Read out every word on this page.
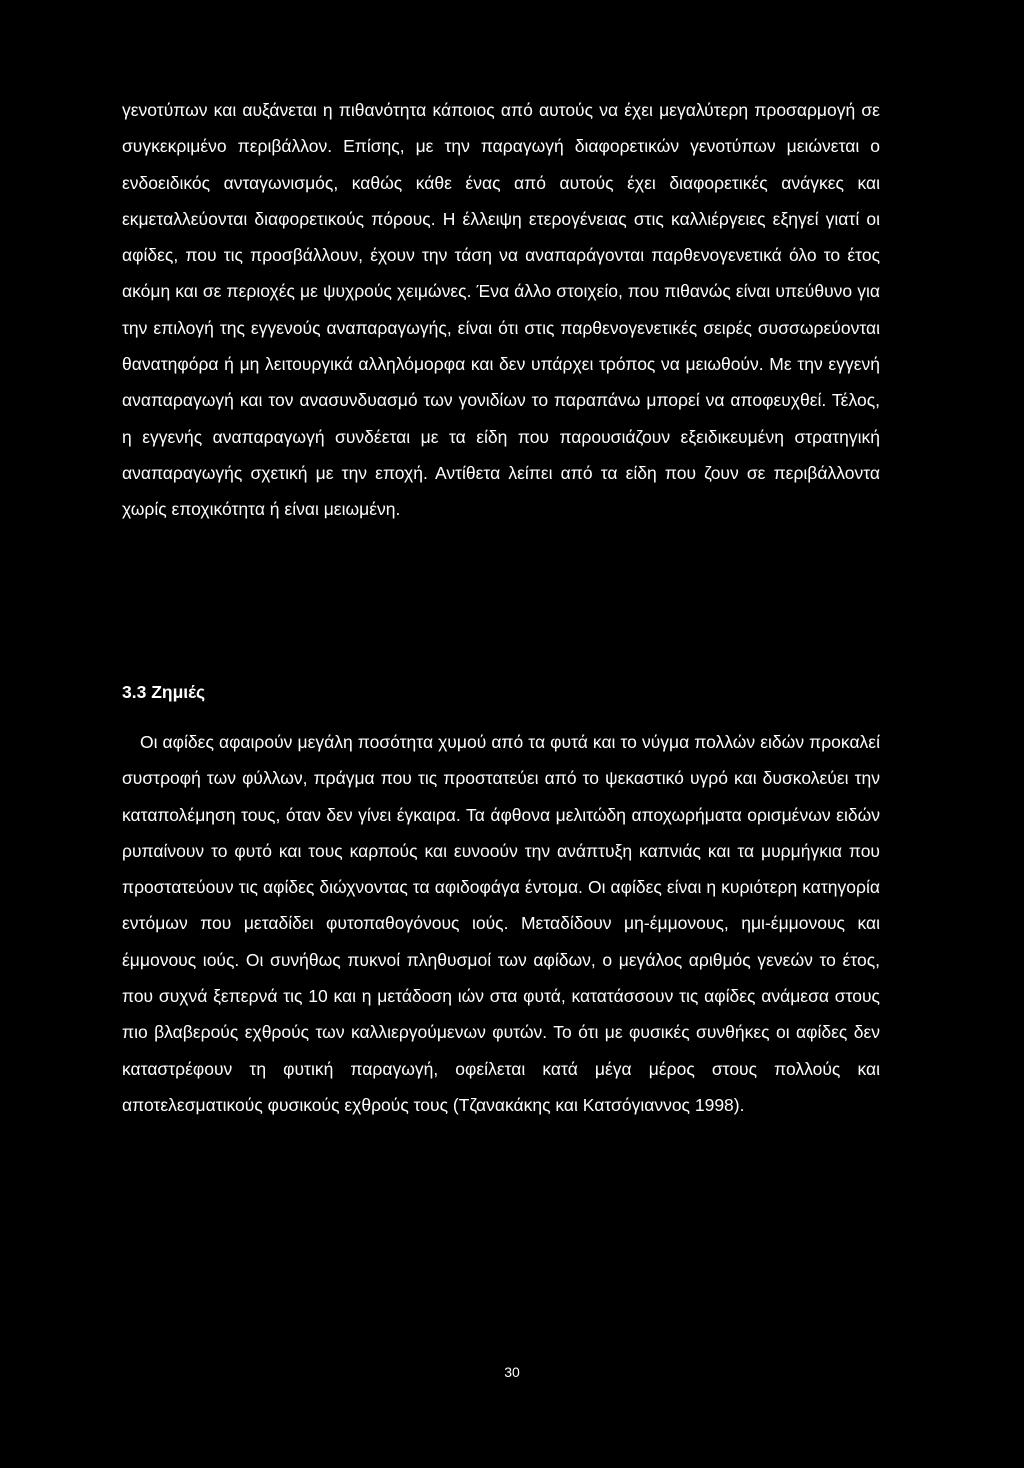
γενοτύπων και αυξάνεται η πιθανότητα κάποιος από αυτούς να έχει μεγαλύτερη προσαρμογή σε συγκεκριμένο περιβάλλον. Επίσης, με την παραγωγή διαφορετικών γενοτύπων μειώνεται ο ενδοειδικός ανταγωνισμός, καθώς κάθε ένας από αυτούς έχει διαφορετικές ανάγκες και εκμεταλλεύονται διαφορετικούς πόρους. Η έλλειψη ετερογένειας στις καλλιέργειες εξηγεί γιατί οι αφίδες, που τις προσβάλλουν, έχουν την τάση να αναπαράγονται παρθενογενετικά όλο το έτος ακόμη και σε περιοχές με ψυχρούς χειμώνες. Ένα άλλο στοιχείο, που πιθανώς είναι υπεύθυνο για την επιλογή της εγγενούς αναπαραγωγής, είναι ότι στις παρθενογενετικές σειρές συσσωρεύονται θανατηφόρα ή μη λειτουργικά αλληλόμορφα και δεν υπάρχει τρόπος να μειωθούν. Με την εγγενή αναπαραγωγή και τον ανασυνδυασμό των γονιδίων το παραπάνω μπορεί να αποφευχθεί. Τέλος, η εγγενής αναπαραγωγή συνδέεται με τα είδη που παρουσιάζουν εξειδικευμένη στρατηγική αναπαραγωγής σχετική με την εποχή. Αντίθετα λείπει από τα είδη που ζουν σε περιβάλλοντα χωρίς εποχικότητα ή είναι μειωμένη.

3.3 Ζημιές

Οι αφίδες αφαιρούν μεγάλη ποσότητα χυμού από τα φυτά και το νύγμα πολλών ειδών προκαλεί συστροφή των φύλλων, πράγμα που τις προστατεύει από το ψεκαστικό υγρό και δυσκολεύει την καταπολέμηση τους, όταν δεν γίνει έγκαιρα. Τα άφθονα μελιτώδη αποχωρήματα ορισμένων ειδών ρυπαίνουν το φυτό και τους καρπούς και ευνοούν την ανάπτυξη καπνιάς και τα μυρμήγκια που προστατεύουν τις αφίδες διώχνοντας τα αφιδοφάγα έντομα. Οι αφίδες είναι η κυριότερη κατηγορία εντόμων που μεταδίδει φυτοπαθογόνους ιούς. Μεταδίδουν μη-έμμονους, ημι-έμμονους και έμμονους ιούς. Οι συνήθως πυκνοί πληθυσμοί των αφίδων, ο μεγάλος αριθμός γενεών το έτος, που συχνά ξεπερνά τις 10 και η μετάδοση ιών στα φυτά, κατατάσσουν τις αφίδες ανάμεσα στους πιο βλαβερούς εχθρούς των καλλιεργούμενων φυτών. Το ότι με φυσικές συνθήκες οι αφίδες δεν καταστρέφουν τη φυτική παραγωγή, οφείλεται κατά μέγα μέρος στους πολλούς και αποτελεσματικούς φυσικούς εχθρούς τους (Τζανακάκης και Κατσόγιαννος 1998).

30
